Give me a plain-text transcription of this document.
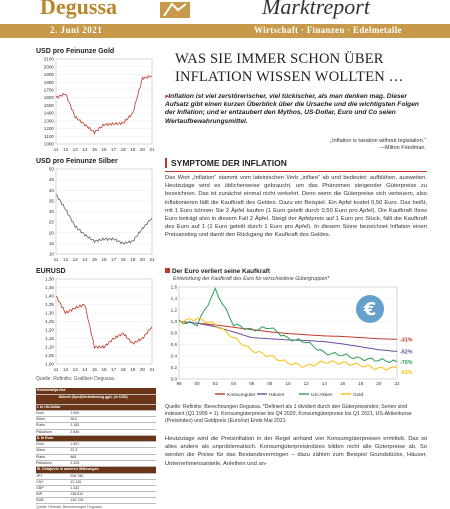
Degussa	Marktreport
2. Juni 2021	Wirtschaft · Finanzen · Edelmetalle
USD pro Feinunze Gold
1000
1100
1200
1300
1400
1500
1600
1700
1800
1900
2000
2100
11 12 13 14 15 16 17 18 19 20 21
USD pro Feinunze Silber
10
15
20
25
30
35
40
45
50
11 12 13 14 15 16 17 18 19 20 21
EURUSD
1,00
1,05
1,10
1,15
1,20
1,25
1,30
1,35
1,40
1,45
1,50
11 12 13 14 15 16 17 18 19 20 21
Quelle: Refinitiv; Grafiken Degussa.
Edelmetallpreise
Aktuell (Spot) Veränderung ggü. (in USD)
I. In US-Dollar
Gold	1.904
Silber	28,0
Platin	1.183
Palladium	2.840
II. In Euro
Gold	1.557
Silber	22,9
Platin	968
Palladium	2.325
III. Goldpreis in anderen Währungen
JPY	208.786
CNY	12.126
GBP	1.342
INR	138.612
RUB	139.726
Quelle: Refinitiv, Berechnungen Degussa.
WAS SIE IMMER SCHON ÜBER INFLATION WISSEN WOLLTEN …
▸Inflation ist viel zerstörerischer, viel tückischer, als man denken mag. Dieser Aufsatz gibt einen kurzen Überblick über die Ursache und die wichtigsten Folgen der Inflation; und er entzaubert den Mythos, US-Dollar, Euro und Co seien Wertaufbewahrungsmittel.
„Inflation is taxation without legislation.“
—Milton Friedman.
SYMPTOME DER INFLATION
Das Wort „Inflation“ stammt vom lateinischen Verb „inflare“ ab und bedeutet: aufblähen, ausweiten. Heutzutage wird es üblicherweise gebraucht, um das Phänomen steigender Güterpreise zu bezeichnen. Das ist zunächst einmal nicht verkehrt. Denn wenn die Güterpreise sich verteuern, also inflationieren fällt die Kaufkraft des Geldes. Dazu ein Beispiel. Ein Apfel kostet 0,50 Euro. Das heißt, mit 1 Euro können Sie 2 Äpfel kaufen (1 Euro geteilt durch 0,50 Euro pro Apfel). Die Kaufkraft Ihres Euro beträgt also in diesem Fall 2 Äpfel. Steigt der Apfelpreis auf 1 Euro pro Stück, fällt die Kaufkraft des Euro auf 1 (1 Euro geteilt durch 1 Euro pro Apfel). In diesem Sinne bezeichnet Inflation einen Preisanstieg und damit den Rückgang der Kaufkraft des Geldes.
Der Euro verliert seine Kaufkraft
Entwicklung der Kaufkraft des Euro für verschiedene Gütergruppen*
0,0
0,2
0,4
0,6
0,8
1,0
1,2
1,4
1,6
98	00	02	04	06	08	10	12	14	16	18	20	22
-31%
Konsumgüter
-52%
Häuser
-70%
US-Aktien
-81%
Gold
€
Quelle: Refinitiv; Berechnungen Degussa. *Definiert als 1 dividiert durch den Güterpreisindex; Serien sind indexiert (Q1 1999 = 1). Konsumgüterpreise bis Q4 2020, Konsumgüterpreise bis Q1 2021, US-Aktienkurse (Preisindex) und Goldpreis (Euro/oz) Ende Mai 2021.
Heutzutage wird die Preisinflation in der Regel anhand von Konsumgüterpreisen ermittelt. Das ist alles andere als unproblematisch. Konsumgüterpreisindizes bilden nicht alle Güterpreise ab. So werden die Preise für das Bestandsvermögen – dazu zählen zum Beispiel Grundstücke, Häuser, Unternehmensanteile, Anleihen und an-
